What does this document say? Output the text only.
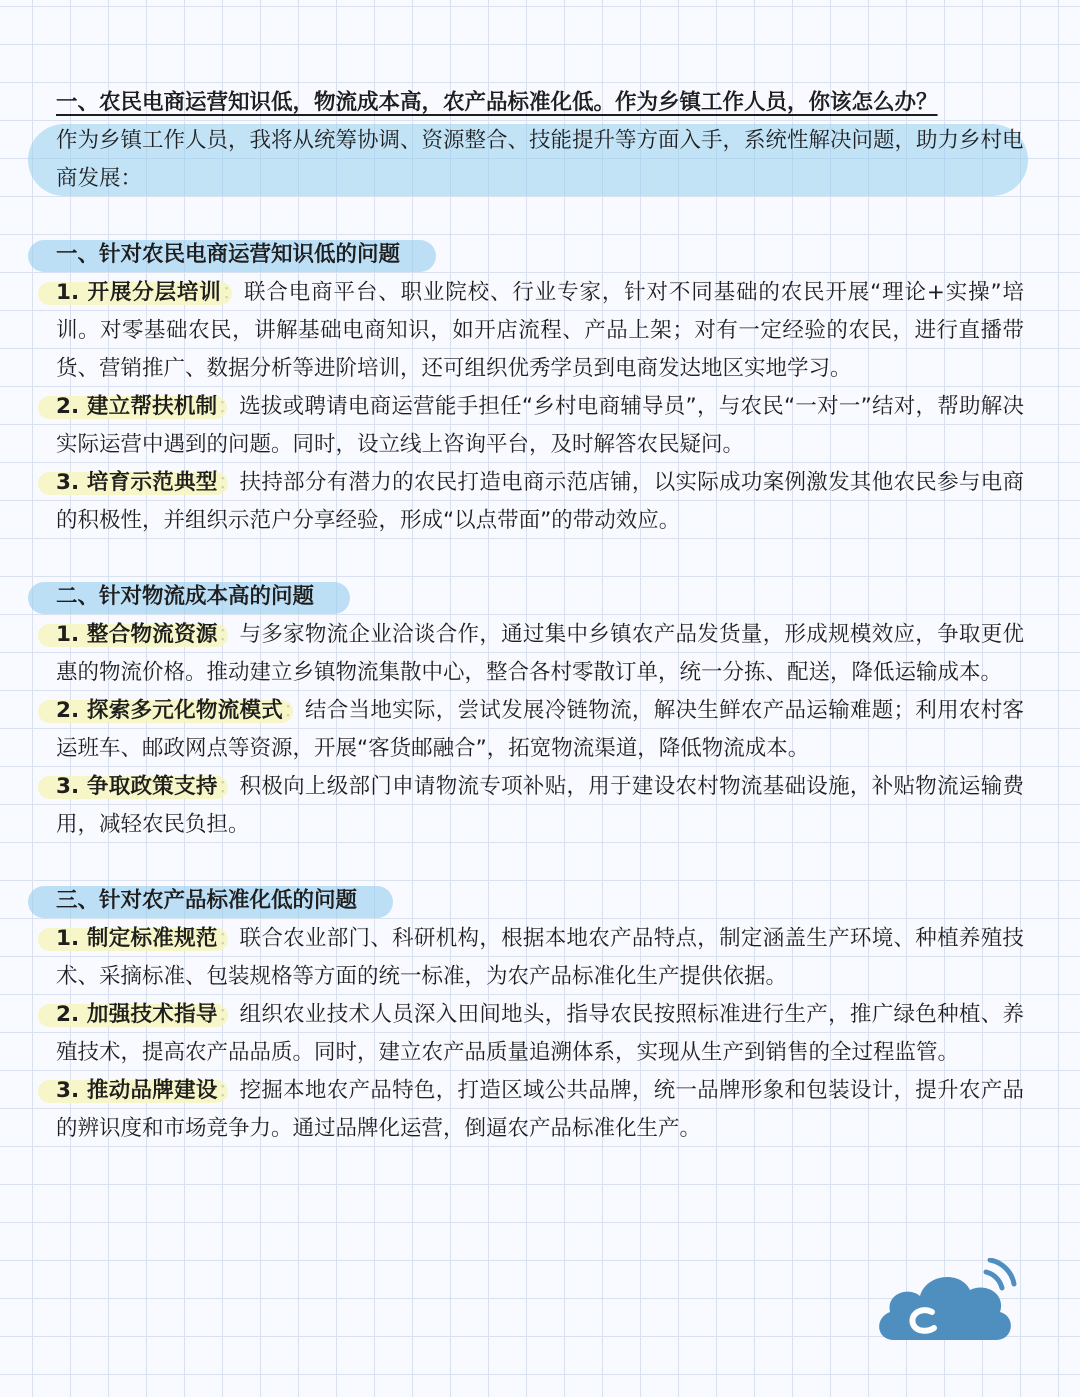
一、农民电商运营知识低，物流成本高，农产品标准化低。作为乡镇工作人员，你该怎么办？
作为乡镇工作人员，我将从统筹协调、资源整合、技能提升等方面入手，系统性解决问题，助力乡村电商发展：
一、针对农民电商运营知识低的问题

1. 开展分层培训：联合电商平台、职业院校、行业专家，针对不同基础的农民开展“理论+实操”培训。对零基础农民，讲解基础电商知识，如开店流程、产品上架；对有一定经验的农民，进行直播带货、营销推广、数据分析等进阶培训，还可组织优秀学员到电商发达地区实地学习。

2. 建立帮扶机制：选拔或聘请电商运营能手担任“乡村电商辅导员”，与农民“一对一”结对，帮助解决实际运营中遇到的问题。同时，设立线上咨询平台，及时解答农民疑问。

3. 培育示范典型：扶持部分有潜力的农民打造电商示范店铺，以实际成功案例激发其他农民参与电商的积极性，并组织示范户分享经验，形成“以点带面”的带动效应。

二、针对物流成本高的问题

1. 整合物流资源：与多家物流企业洽谈合作，通过集中乡镇农产品发货量，形成规模效应，争取更优惠的物流价格。推动建立乡镇物流集散中心，整合各村零散订单，统一分拣、配送，降低运输成本。

2. 探索多元化物流模式：结合当地实际，尝试发展冷链物流，解决生鲜农产品运输难题；利用农村客运班车、邮政网点等资源，开展“客货邮融合”，拓宽物流渠道，降低物流成本。

3. 争取政策支持：积极向上级部门申请物流专项补贴，用于建设农村物流基础设施，补贴物流运输费用，减轻农民负担。

三、针对农产品标准化低的问题

1. 制定标准规范：联合农业部门、科研机构，根据本地农产品特点，制定涵盖生产环境、种植养殖技术、采摘标准、包装规格等方面的统一标准，为农产品标准化生产提供依据。

2. 加强技术指导：组织农业技术人员深入田间地头，指导农民按照标准进行生产，推广绿色种植、养殖技术，提高农产品品质。同时，建立农产品质量追溯体系，实现从生产到销售的全过程监管。

3. 推动品牌建设：挖掘本地农产品特色，打造区域公共品牌，统一品牌形象和包装设计，提升农产品的辨识度和市场竞争力。通过品牌化运营，倒逼农产品标准化生产。
